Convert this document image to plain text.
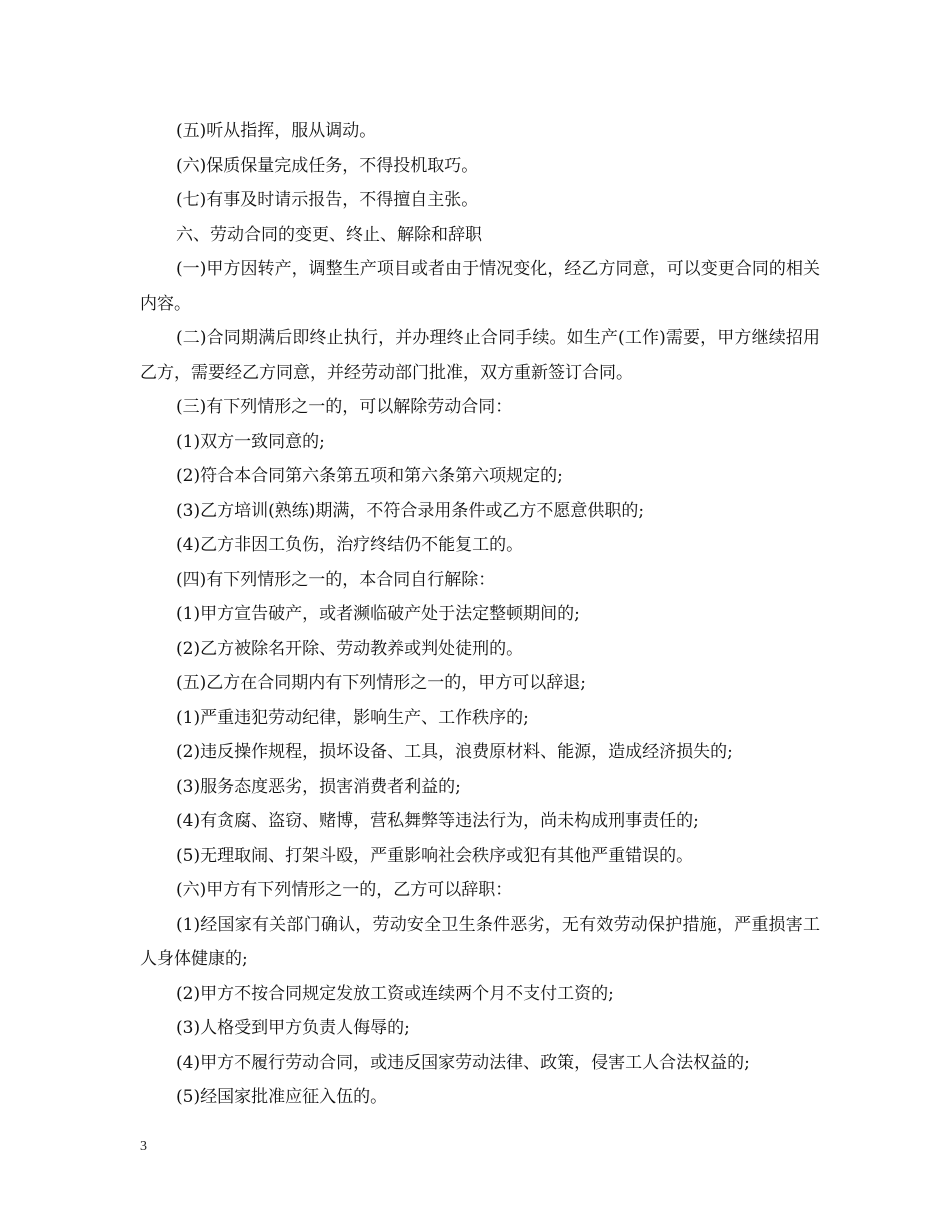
(五)听从指挥，服从调动。

(六)保质保量完成任务，不得投机取巧。

(七)有事及时请示报告，不得擅自主张。

六、劳动合同的变更、终止、解除和辞职

(一)甲方因转产，调整生产项目或者由于情况变化，经乙方同意，可以变更合同的相关内容。

(二)合同期满后即终止执行，并办理终止合同手续。如生产(工作)需要，甲方继续招用乙方，需要经乙方同意，并经劳动部门批准，双方重新签订合同。

(三)有下列情形之一的，可以解除劳动合同：

(1)双方一致同意的;

(2)符合本合同第六条第五项和第六条第六项规定的;

(3)乙方培训(熟练)期满，不符合录用条件或乙方不愿意供职的;

(4)乙方非因工负伤，治疗终结仍不能复工的。

(四)有下列情形之一的，本合同自行解除：

(1)甲方宣告破产，或者濒临破产处于法定整顿期间的;

(2)乙方被除名开除、劳动教养或判处徒刑的。

(五)乙方在合同期内有下列情形之一的，甲方可以辞退;

(1)严重违犯劳动纪律，影响生产、工作秩序的;

(2)违反操作规程，损坏设备、工具，浪费原材料、能源，造成经济损失的;

(3)服务态度恶劣，损害消费者利益的;

(4)有贪腐、盗窃、赌博，营私舞弊等违法行为，尚未构成刑事责任的;

(5)无理取闹、打架斗殴，严重影响社会秩序或犯有其他严重错误的。

(六)甲方有下列情形之一的，乙方可以辞职：

(1)经国家有关部门确认，劳动安全卫生条件恶劣，无有效劳动保护措施，严重损害工人身体健康的;

(2)甲方不按合同规定发放工资或连续两个月不支付工资的;

(3)人格受到甲方负责人侮辱的;

(4)甲方不履行劳动合同，或违反国家劳动法律、政策，侵害工人合法权益的;

(5)经国家批准应征入伍的。

3
